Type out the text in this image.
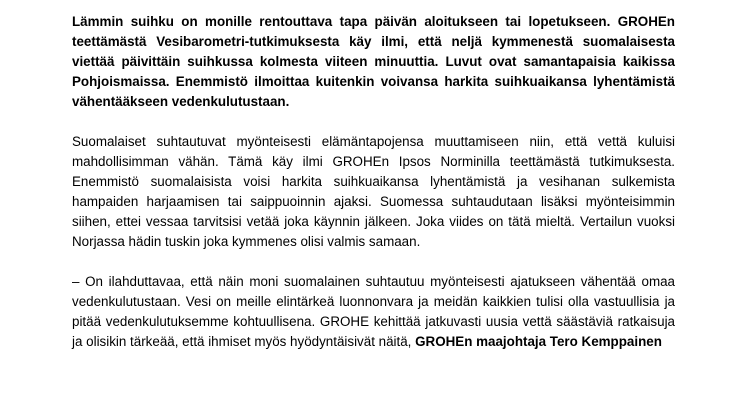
Lämmin suihku on monille rentouttava tapa päivän aloitukseen tai lopetukseen. GROHEn
teettämästä Vesibarometri-tutkimuksesta käy ilmi, että neljä kymmenestä suomalaisesta
viettää päivittäin suihkussa kolmesta viiteen minuuttia. Luvut ovat samantapaisia kaikissa
Pohjoismaissa. Enemmistö ilmoittaa kuitenkin voivansa harkita suihkuaikansa lyhentämistä
vähentääkseen vedenkulutustaan.

Suomalaiset suhtautuvat myönteisesti elämäntapojensa muuttamiseen niin, että vettä kuluisi
mahdollisimman vähän. Tämä käy ilmi GROHEn Ipsos Norminilla teettämästä tutkimuksesta.
Enemmistö suomalaisista voisi harkita suihkuaikansa lyhentämistä ja vesihanan sulkemista
hampaiden harjaamisen tai saippuoinnin ajaksi. Suomessa suhtaudutaan lisäksi myönteisimmin
siihen, ettei vessaa tarvitsisi vetää joka käynnin jälkeen. Joka viides on tätä mieltä. Vertailun vuoksi
Norjassa hädin tuskin joka kymmenes olisi valmis samaan.

– On ilahduttavaa, että näin moni suomalainen suhtautuu myönteisesti ajatukseen vähentää omaa
vedenkulutustaan. Vesi on meille elintärkeä luonnonvara ja meidän kaikkien tulisi olla vastuullisia ja
pitää vedenkulutuksemme kohtuullisena. GROHE kehittää jatkuvasti uusia vettä säästäviä ratkaisuja
ja olisikin tärkeää, että ihmiset myös hyödyntäisivät näitä, GROHEn maajohtaja Tero Kemppainen
